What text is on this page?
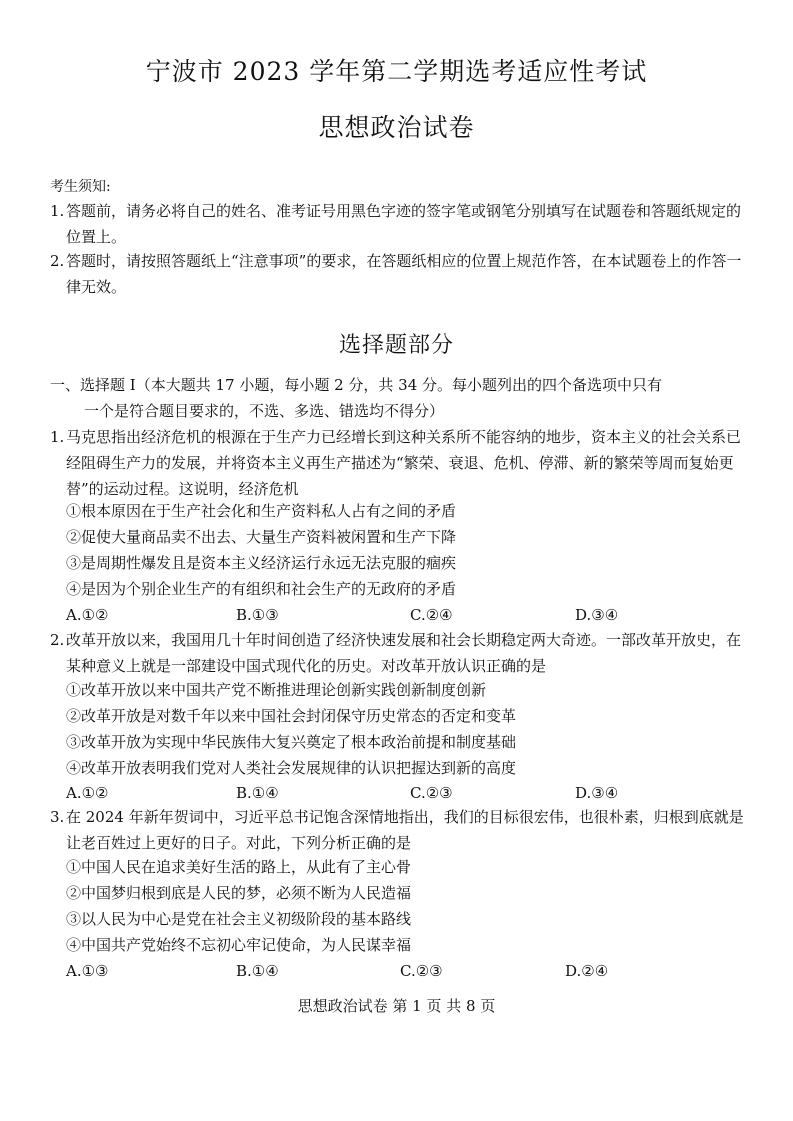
宁波市 2023 学年第二学期选考适应性考试
思想政治试卷
考生须知:
1. 答题前，请务必将自己的姓名、准考证号用黑色字迹的签字笔或钢笔分别填写在试题卷和答题纸规定的位置上。
2. 答题时，请按照答题纸上“注意事项”的要求，在答题纸相应的位置上规范作答，在本试题卷上的作答一律无效。
选择题部分
一、选择题 I（本大题共 17 小题，每小题 2 分，共 34 分。每小题列出的四个备选项中只有
一个是符合题目要求的，不选、多选、错选均不得分）
1. 马克思指出经济危机的根源在于生产力已经增长到这种关系所不能容纳的地步，资本主义的社会关系已经阻碍生产力的发展，并将资本主义再生产描述为“繁荣、衰退、危机、停滞、新的繁荣等周而复始更替”的运动过程。这说明，经济危机
①根本原因在于生产社会化和生产资料私人占有之间的矛盾
②促使大量商品卖不出去、大量生产资料被闲置和生产下降
③是周期性爆发且是资本主义经济运行永远无法克服的痼疾
④是因为个别企业生产的有组织和社会生产的无政府的矛盾
A.①②	B.①③	C.②④	D.③④
2. 改革开放以来，我国用几十年时间创造了经济快速发展和社会长期稳定两大奇迹。一部改革开放史，在某种意义上就是一部建设中国式现代化的历史。对改革开放认识正确的是
①改革开放以来中国共产党不断推进理论创新实践创新制度创新
②改革开放是对数千年以来中国社会封闭保守历史常态的否定和变革
③改革开放为实现中华民族伟大复兴奠定了根本政治前提和制度基础
④改革开放表明我们党对人类社会发展规律的认识把握达到新的高度
A.①②	B.①④	C.②③	D.③④
3. 在 2024 年新年贺词中，习近平总书记饱含深情地指出，我们的目标很宏伟，也很朴素，归根到底就是让老百姓过上更好的日子。对此，下列分析正确的是
①中国人民在追求美好生活的路上，从此有了主心骨
②中国梦归根到底是人民的梦，必须不断为人民造福
③以人民为中心是党在社会主义初级阶段的基本路线
④中国共产党始终不忘初心牢记使命，为人民谋幸福
A.①③	B.①④	C.②③	D.②④
思想政治试卷 第 1 页 共 8 页
